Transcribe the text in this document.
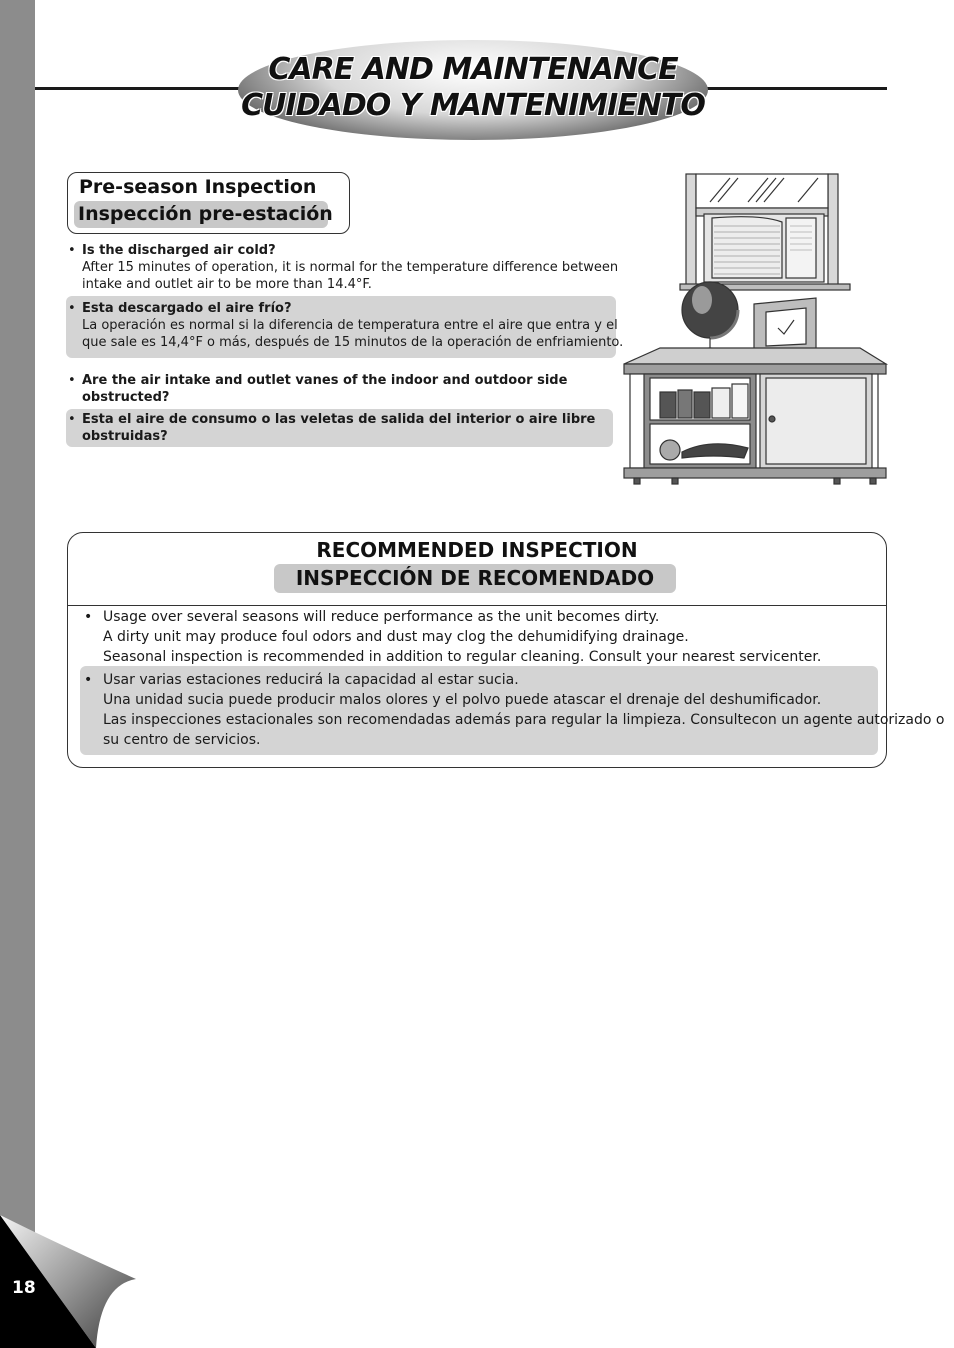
CARE AND MAINTENANCE
CUIDADO Y MANTENIMIENTO
Pre-season Inspection
Inspección pre-estación
• Is the discharged air cold?
After 15 minutes of operation, it is normal for the temperature difference between
intake and outlet air to be more than 14.4°F.
• Esta descargado el aire frío?
La operación es normal si la diferencia de temperatura entre el aire que entra y el
que sale es 14,4°F o más, después de 15 minutos de la operación de enfriamiento.
• Are the air intake and outlet vanes of the indoor and outdoor side
obstructed?
• Esta el aire de consumo o las veletas de salida del interior o aire libre
obstruidas?
RECOMMENDED INSPECTION
INSPECCIÓN DE RECOMENDADO
• Usage over several seasons will reduce performance as the unit becomes dirty.
A dirty unit may produce foul odors and dust may clog the dehumidifying drainage.
Seasonal inspection is recommended in addition to regular cleaning. Consult your nearest servicenter.
• Usar varias estaciones reducirá la capacidad al estar sucia.
Una unidad sucia puede producir malos olores y el polvo puede atascar el drenaje del deshumificador.
Las inspecciones estacionales son recomendadas además para regular la limpieza. Consultecon un agente autorizado o
su centro de servicios.
18
